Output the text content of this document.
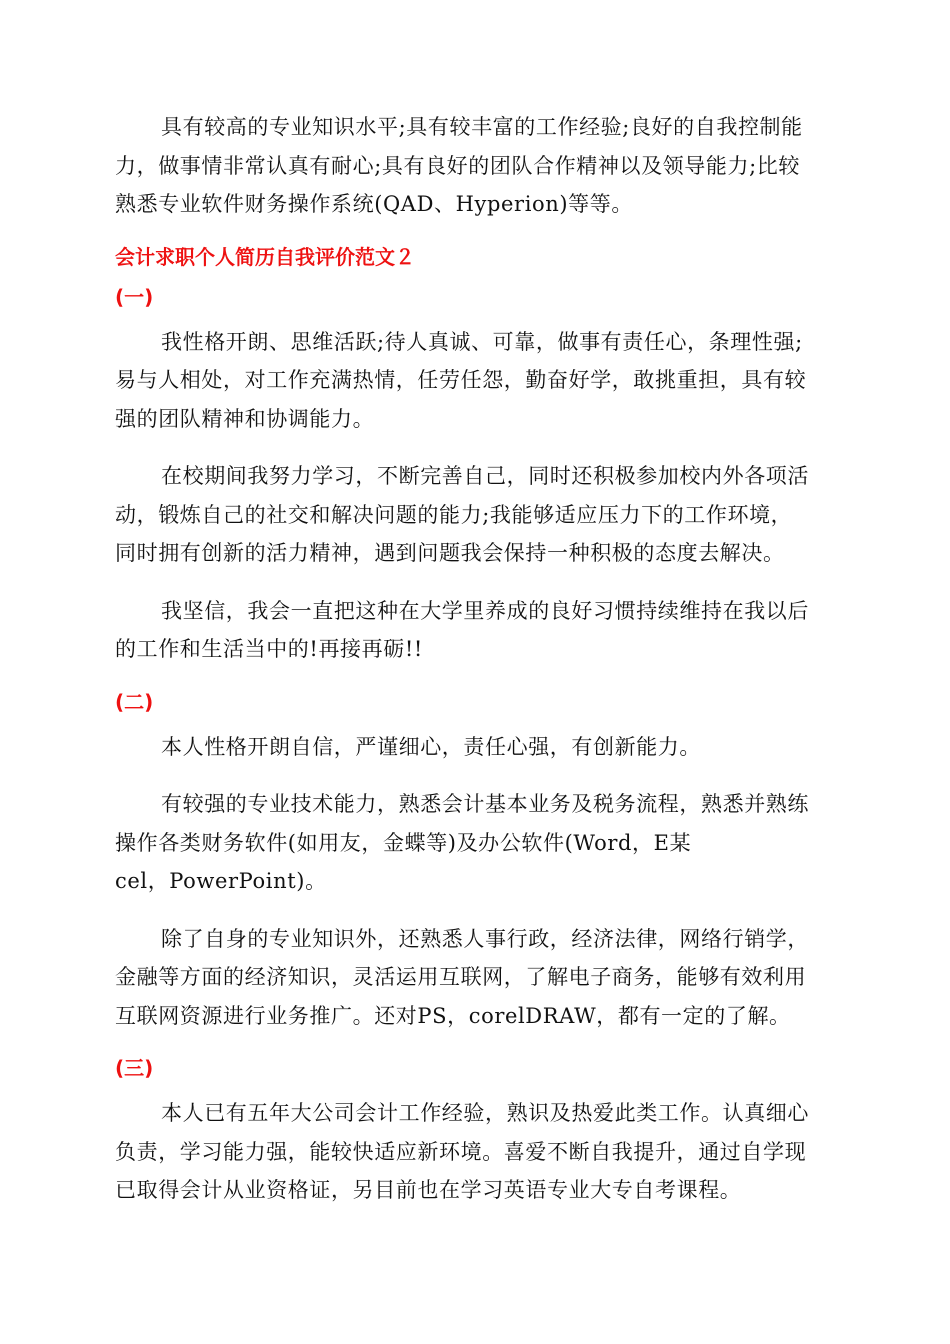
具有较高的专业知识水平;具有较丰富的工作经验;良好的自我控制能
力，做事情非常认真有耐心;具有良好的团队合作精神以及领导能力;比较
熟悉专业软件财务操作系统(QAD、Hyperion)等等。
会计求职个人简历自我评价范文２
(一)
我性格开朗、思维活跃;待人真诚、可靠，做事有责任心，条理性强;
易与人相处，对工作充满热情，任劳任怨，勤奋好学，敢挑重担，具有较
强的团队精神和协调能力。
在校期间我努力学习，不断完善自己，同时还积极参加校内外各项活
动，锻炼自己的社交和解决问题的能力;我能够适应压力下的工作环境，
同时拥有创新的活力精神，遇到问题我会保持一种积极的态度去解决。
我坚信，我会一直把这种在大学里养成的良好习惯持续维持在我以后
的工作和生活当中的!再接再砺!!
(二)
本人性格开朗自信，严谨细心，责任心强，有创新能力。
有较强的专业技术能力，熟悉会计基本业务及税务流程，熟悉并熟练
操作各类财务软件(如用友，金蝶等)及办公软件(Word，E某
cel，PowerPoint)。
除了自身的专业知识外，还熟悉人事行政，经济法律，网络行销学，
金融等方面的经济知识，灵活运用互联网，了解电子商务，能够有效利用
互联网资源进行业务推广。还对PS，corelDRAW，都有一定的了解。
(三)
本人已有五年大公司会计工作经验，熟识及热爱此类工作。认真细心
负责，学习能力强，能较快适应新环境。喜爱不断自我提升，通过自学现
已取得会计从业资格证，另目前也在学习英语专业大专自考课程。
